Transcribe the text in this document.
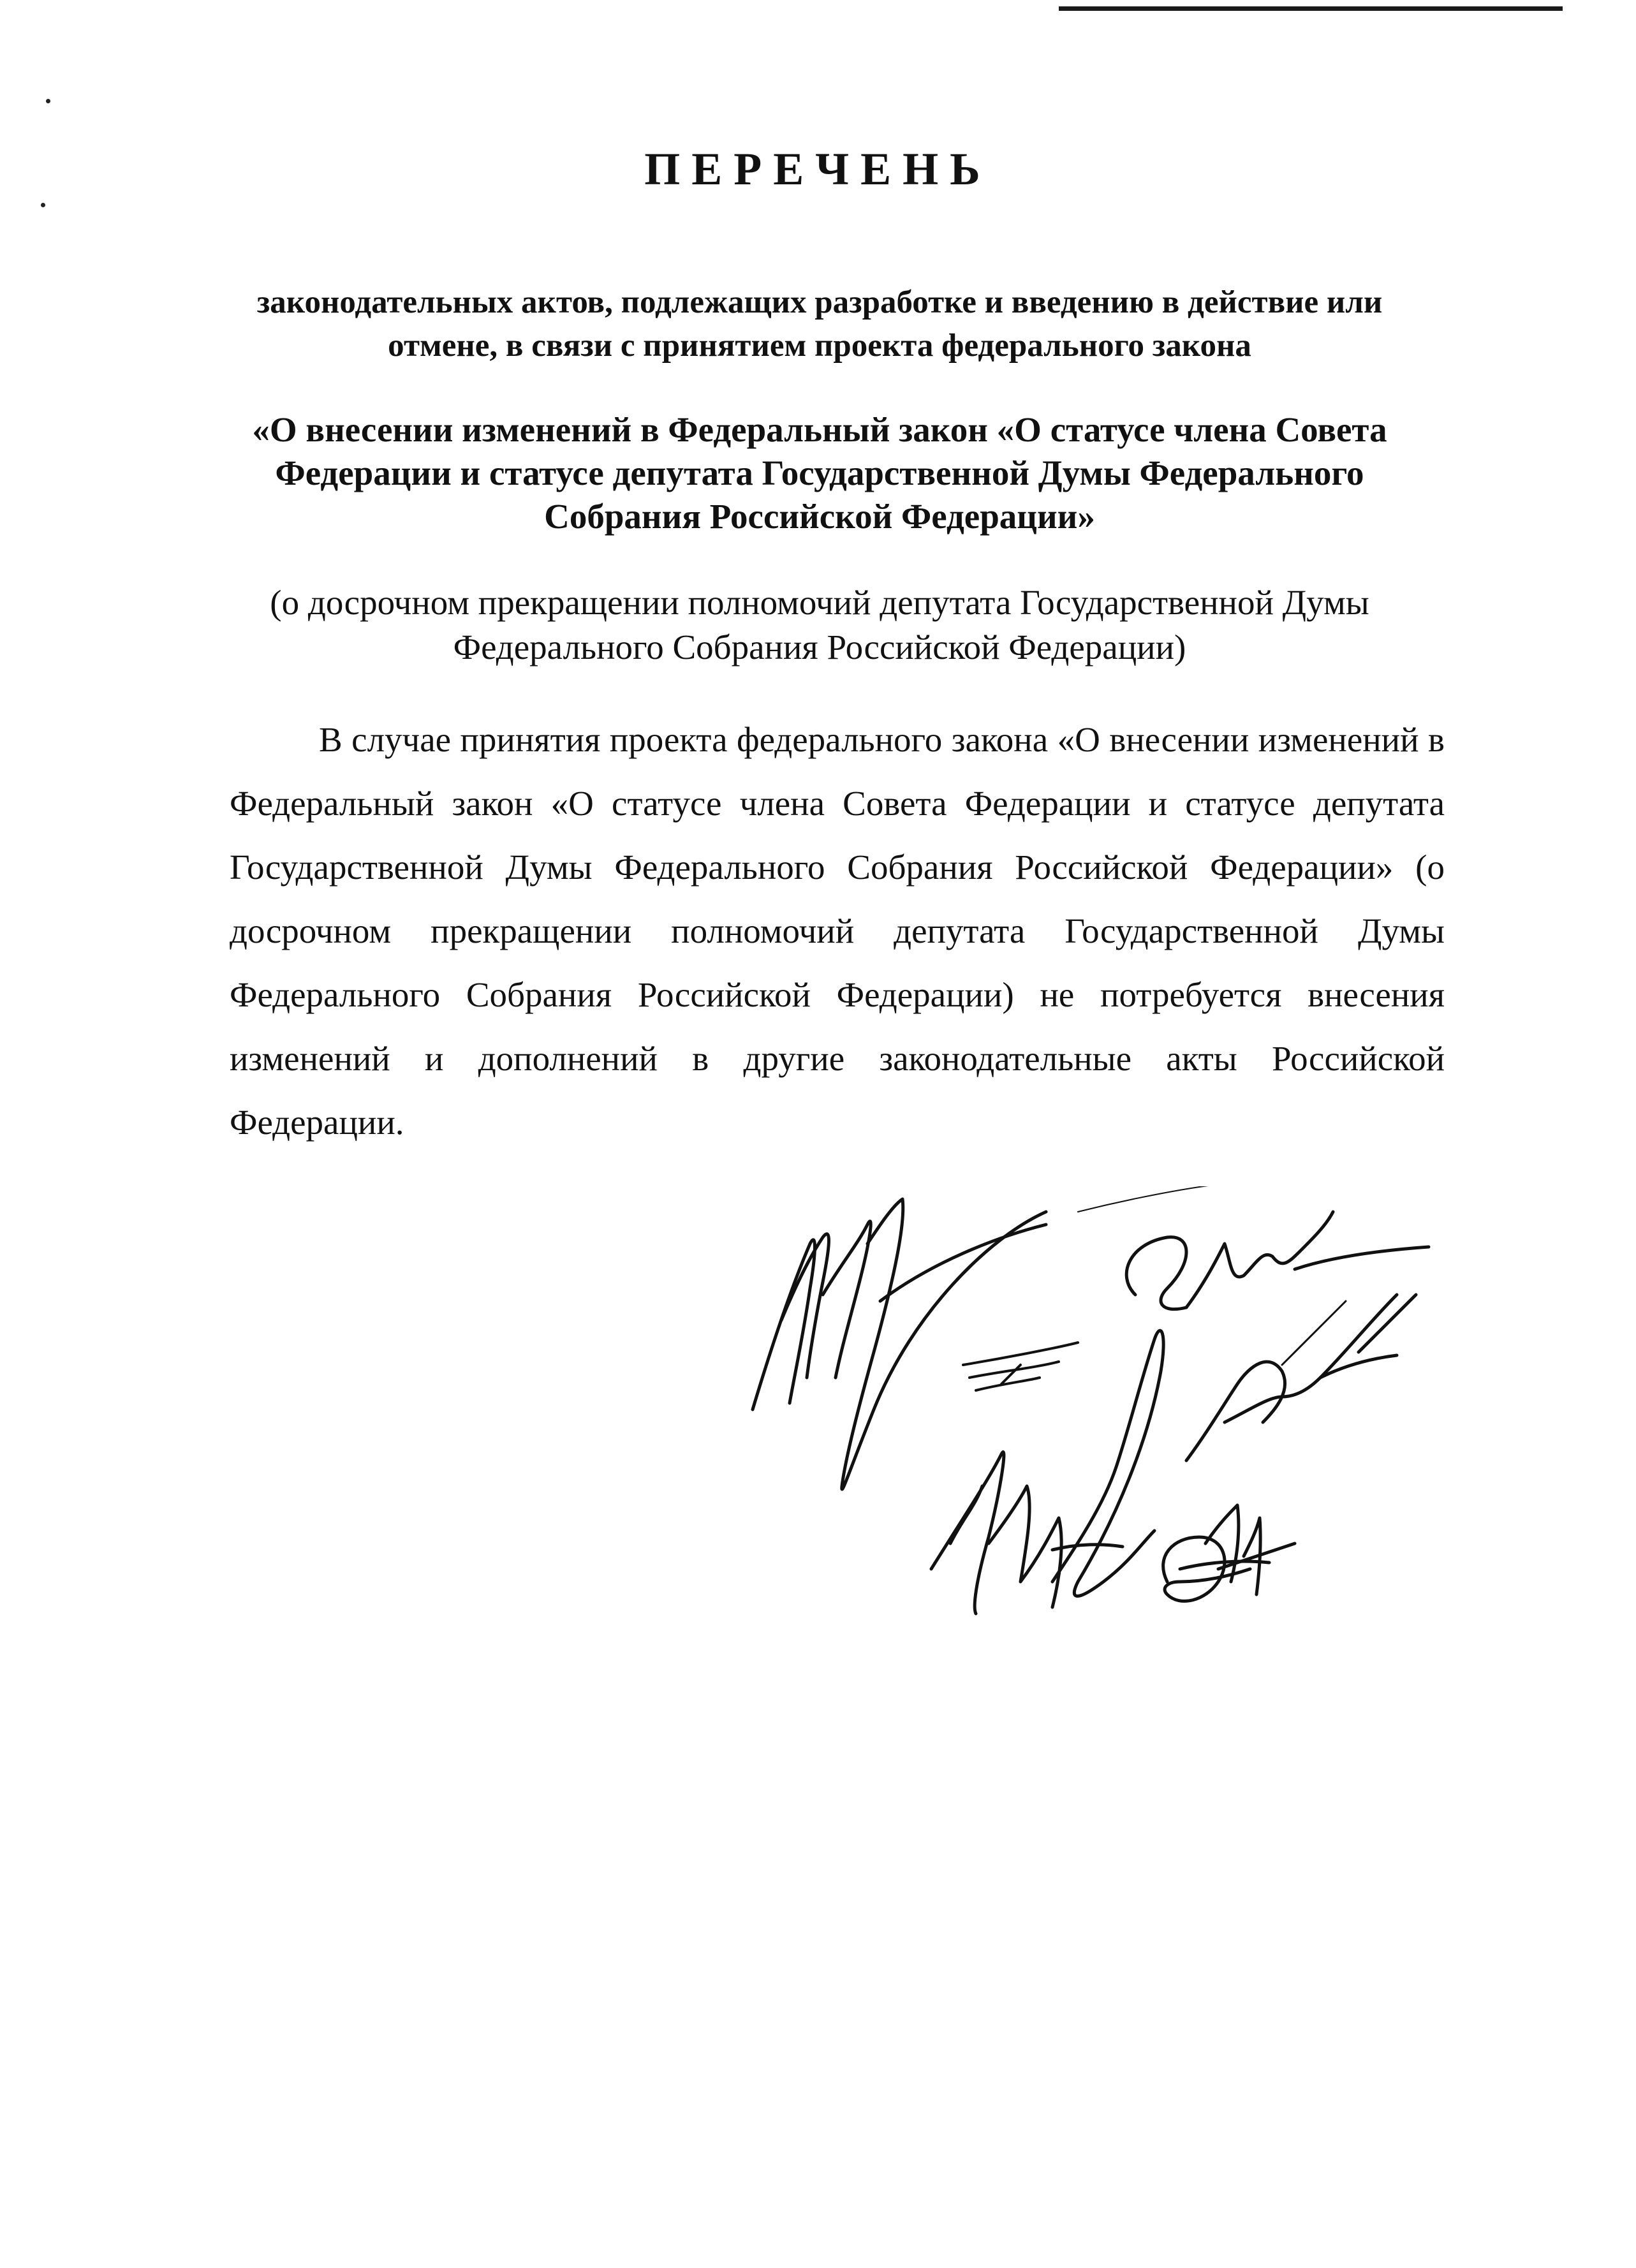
ПЕРЕЧЕНЬ
законодательных актов, подлежащих разработке и введению в действие или отмене, в связи с принятием проекта федерального закона
«О внесении изменений в Федеральный закон «О статусе члена Совета Федерации и статусе депутата Государственной Думы Федерального Собрания Российской Федерации»
(о досрочном прекращении полномочий депутата Государственной Думы Федерального Собрания Российской Федерации)

В случае принятия проекта федерального закона «О внесении изменений в Федеральный закон «О статусе члена Совета Федерации и статусе депутата Государственной Думы Федерального Собрания Российской Федерации» (о досрочном прекращении полномочий депутата Государственной Думы Федерального Собрания Российской Федерации) не потребуется внесения изменений и дополнений в другие законодательные акты Российской Федерации.
